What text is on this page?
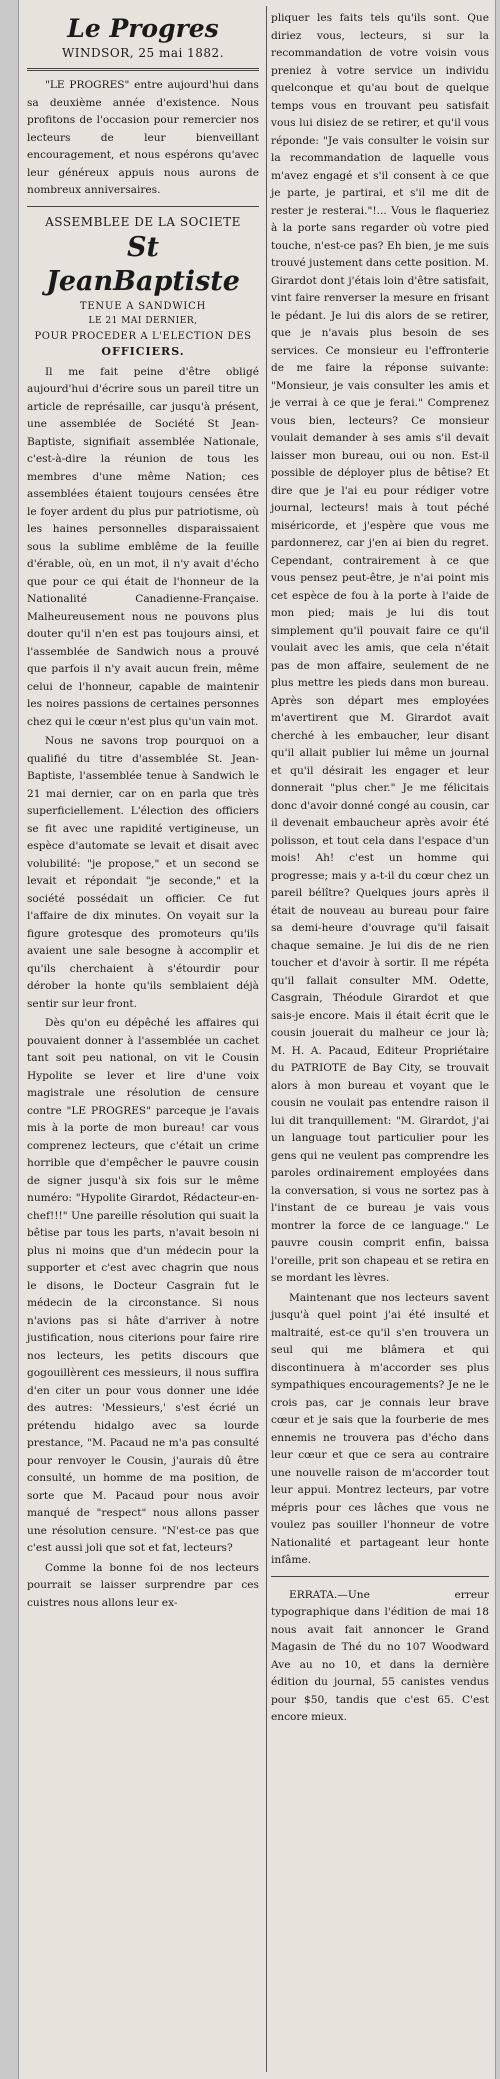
Le Progres
WINDSOR, 25 mai 1882.

"LE PROGRES" entre aujourd'hui dans sa deuxième année d'existence. Nous profitons de l'occasion pour remercier nos lecteurs de leur bienveillant encouragement, et nous espérons qu'avec leur généreux appuis nous aurons de nombreux anniversaires.

ASSEMBLEE DE LA SOCIETE
St JeanBaptiste
TENUE A SANDWICH
LE 21 MAI DERNIER,
POUR PROCEDER A L'ELECTION DES
OFFICIERS.

Il me fait peine d'être obligé aujourd'hui d'écrire sous un pareil titre un article de représaille, car jusqu'à présent, une assemblée de Société St Jean-Baptiste, signifiait assemblée Nationale, c'est-à-dire la réunion de tous les membres d'une même Nation; ces assemblées étaient toujours censées être le foyer ardent du plus pur patriotisme, où les haines personnelles disparaissaient sous la sublime emblême de la feuille d'érable, où, en un mot, il n'y avait d'écho que pour ce qui était de l'honneur de la Nationalité Canadienne-Française. Malheureusement nous ne pouvons plus douter qu'il n'en est pas toujours ainsi, et l'assemblée de Sandwich nous a prouvé que parfois il n'y avait aucun frein, même celui de l'honneur, capable de maintenir les noires passions de certaines personnes chez qui le cœur n'est plus qu'un vain mot.

Nous ne savons trop pourquoi on a qualifié du titre d'assemblée St. Jean-Baptiste, l'assemblée tenue à Sandwich le 21 mai dernier, car on en parla que très superficiellement. L'élection des officiers se fit avec une rapidité vertigineuse, un espèce d'automate se levait et disait avec volubilité: "je propose," et un second se levait et répondait "je seconde," et la société possédait un officier. Ce fut l'affaire de dix minutes. On voyait sur la figure grotesque des promoteurs qu'ils avaient une sale besogne à accomplir et qu'ils cherchaient à s'étourdir pour dérober la honte qu'ils semblaient déjà sentir sur leur front.

Dès qu'on eu dépêché les affaires qui pouvaient donner à l'assemblée un cachet tant soit peu national, on vit le Cousin Hypolite se lever et lire d'une voix magistrale une résolution de censure contre "LE PROGRES" parceque je l'avais mis à la porte de mon bureau! car vous comprenez lecteurs, que c'était un crime horrible que d'empêcher le pauvre cousin de signer jusqu'à six fois sur le même numéro: "Hypolite Girardot, Rédacteur-en-chef!!!" Une pareille résolution qui suait la bêtise par tous les parts, n'avait besoin ni plus ni moins que d'un médecin pour la supporter et c'est avec chagrin que nous le disons, le Docteur Casgrain fut le médecin de la circonstance. Si nous n'avions pas si hâte d'arriver à notre justification, nous citerions pour faire rire nos lecteurs, les petits discours que gogouillèrent ces messieurs, il nous suffira d'en citer un pour vous donner une idée des autres: 'Messieurs,' s'est écrié un prétendu hidalgo avec sa lourde prestance, "M. Pacaud ne m'a pas consulté pour renvoyer le Cousin, j'aurais dû être consulté, un homme de ma position, de sorte que M. Pacaud pour nous avoir manqué de "respect" nous allons passer une résolution censure. "N'est-ce pas que c'est aussi joli que sot et fat, lecteurs?

Comme la bonne foi de nos lecteurs pourrait se laisser surprendre par ces cuistres nous allons leur ex-

pliquer les faits tels qu'ils sont. Que diriez vous, lecteurs, si sur la recommandation de votre voisin vous preniez à votre service un individu quelconque et qu'au bout de quelque temps vous en trouvant peu satisfait vous lui disiez de se retirer, et qu'il vous réponde: "Je vais consulter le voisin sur la recommandation de laquelle vous m'avez engagé et s'il consent à ce que je parte, je partirai, et s'il me dit de rester je resterai."!... Vous le flaqueriez à la porte sans regarder où votre pied touche, n'est-ce pas? Eh bien, je me suis trouvé justement dans cette position. M. Girardot dont j'étais loin d'être satisfait, vint faire renverser la mesure en frisant le pédant. Je lui dis alors de se retirer, que je n'avais plus besoin de ses services. Ce monsieur eu l'effronterie de me faire la réponse suivante: "Monsieur, je vais consulter les amis et je verrai à ce que je ferai." Comprenez vous bien, lecteurs? Ce monsieur voulait demander à ses amis s'il devait laisser mon bureau, oui ou non. Est-il possible de déployer plus de bêtise? Et dire que je l'ai eu pour rédiger votre journal, lecteurs! mais à tout péché miséricorde, et j'espère que vous me pardonnerez, car j'en ai bien du regret. Cependant, contrairement à ce que vous pensez peut-être, je n'ai point mis cet espèce de fou à la porte à l'aide de mon pied; mais je lui dis tout simplement qu'il pouvait faire ce qu'il voulait avec les amis, que cela n'était pas de mon affaire, seulement de ne plus mettre les pieds dans mon bureau. Après son départ mes employées m'avertirent que M. Girardot avait cherché à les embaucher, leur disant qu'il allait publier lui même un journal et qu'il désirait les engager et leur donnerait "plus cher." Je me félicitais donc d'avoir donné congé au cousin, car il devenait embaucheur après avoir été polisson, et tout cela dans l'espace d'un mois! Ah! c'est un homme qui progresse; mais y a-t-il du cœur chez un pareil bélître? Quelques jours après il était de nouveau au bureau pour faire sa demi-heure d'ouvrage qu'il faisait chaque semaine. Je lui dis de ne rien toucher et d'avoir à sortir. Il me répéta qu'il fallait consulter MM. Odette, Casgrain, Théodule Girardot et que sais-je encore. Mais il était écrit que le cousin jouerait du malheur ce jour là; M. H. A. Pacaud, Editeur Propriétaire du PATRIOTE de Bay City, se trouvait alors à mon bureau et voyant que le cousin ne voulait pas entendre raison il lui dit tranquillement: "M. Girardot, j'ai un language tout particulier pour les gens qui ne veulent pas comprendre les paroles ordinairement employées dans la conversation, si vous ne sortez pas à l'instant de ce bureau je vais vous montrer la force de ce language." Le pauvre cousin comprit enfin, baissa l'oreille, prit son chapeau et se retira en se mordant les lèvres.

Maintenant que nos lecteurs savent jusqu'à quel point j'ai été insulté et maltraité, est-ce qu'il s'en trouvera un seul qui me blâmera et qui discontinuera à m'accorder ses plus sympathiques encouragements? Je ne le crois pas, car je connais leur brave cœur et je sais que la fourberie de mes ennemis ne trouvera pas d'écho dans leur cœur et que ce sera au contraire une nouvelle raison de m'accorder tout leur appui. Montrez lecteurs, par votre mépris pour ces lâches que vous ne voulez pas souiller l'honneur de votre Nationalité et partageant leur honte infâme.

ERRATA.—Une erreur typographique dans l'édition de mai 18 nous avait fait annoncer le Grand Magasin de Thé du no 107 Woodward Ave au no 10, et dans la dernière édition du journal, 55 canistes vendus pour $50, tandis que c'est 65. C'est encore mieux.
